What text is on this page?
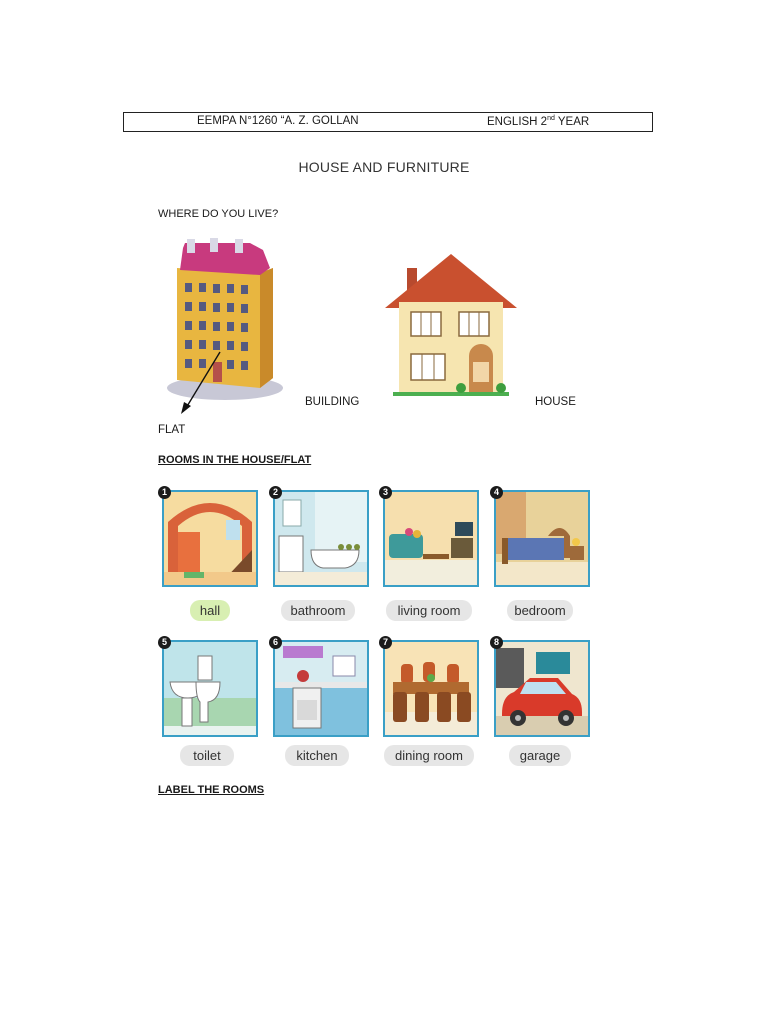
EEMPA N°1260 “A. Z. GOLLAN	ENGLISH 2nd YEAR
HOUSE AND FURNITURE
WHERE DO YOU LIVE?
BUILDING	HOUSE
FLAT
ROOMS IN THE HOUSE/FLAT
1	2	3	4
hall	bathroom	living room	bedroom
5	6	7	8
toilet	kitchen	dining room	garage
LABEL THE ROOMS
